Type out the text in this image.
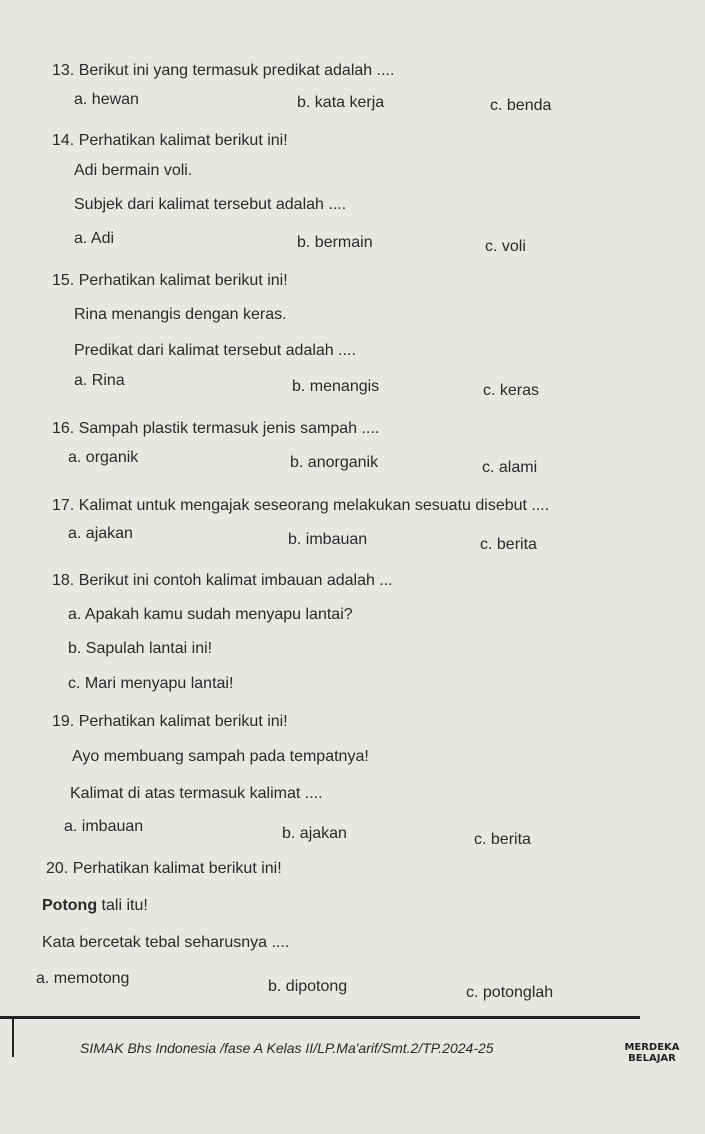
13. Berikut ini yang termasuk predikat adalah ....
a. hewan	b. kata kerja	c. benda
14. Perhatikan kalimat berikut ini!
Adi bermain voli.
Subjek dari kalimat tersebut adalah ....
a. Adi	b. bermain	c. voli
15. Perhatikan kalimat berikut ini!
Rina menangis dengan keras.
Predikat dari kalimat tersebut adalah ....
a. Rina	b. menangis	c. keras
16. Sampah plastik termasuk jenis sampah ....
a. organik	b. anorganik	c. alami
17. Kalimat untuk mengajak seseorang melakukan sesuatu disebut ....
a. ajakan	b. imbauan	c. berita
18. Berikut ini contoh kalimat imbauan adalah ...
a. Apakah kamu sudah menyapu lantai?
b. Sapulah lantai ini!
c. Mari menyapu lantai!
19. Perhatikan kalimat berikut ini!
Ayo membuang sampah pada tempatnya!
Kalimat di atas termasuk kalimat ....
a. imbauan	b. ajakan	c. berita
20. Perhatikan kalimat berikut ini!
Potong tali itu!
Kata bercetak tebal seharusnya ....
a. memotong	b. dipotong	c. potonglah
SIMAK Bhs Indonesia /fase A Kelas II/LP.Ma'arif/Smt.2/TP.2024-25	MERDEKA
BELAJAR
